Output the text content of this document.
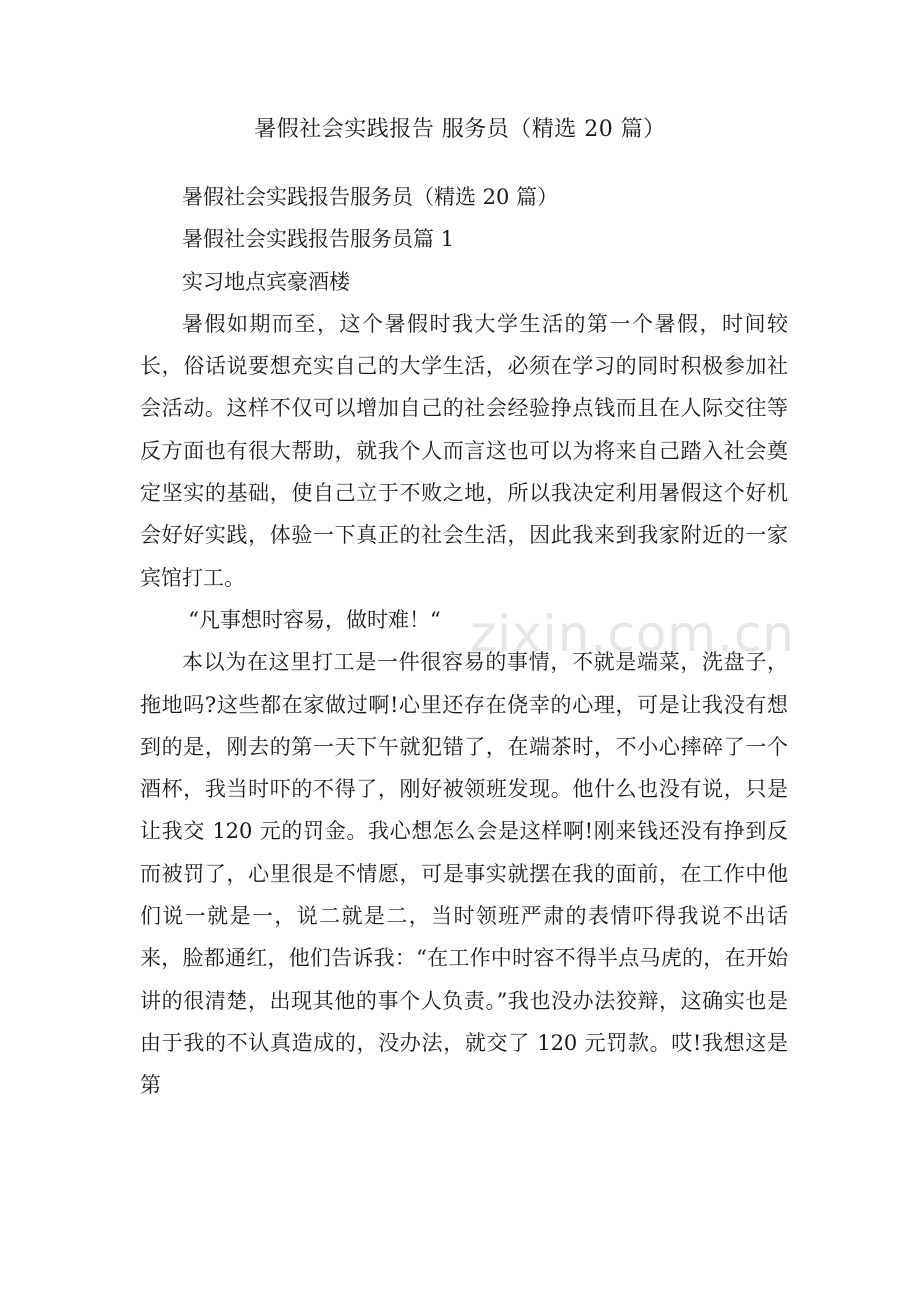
暑假社会实践报告 服务员（精选 20 篇）

暑假社会实践报告服务员（精选 20 篇）

暑假社会实践报告服务员篇 1

实习地点宾豪酒楼

暑假如期而至，这个暑假时我大学生活的第一个暑假，时间较长，俗话说要想充实自己的大学生活，必须在学习的同时积极参加社会活动。这样不仅可以增加自己的社会经验挣点钱而且在人际交往等反方面也有很大帮助，就我个人而言这也可以为将来自己踏入社会奠定坚实的基础，使自己立于不败之地，所以我决定利用暑假这个好机会好好实践，体验一下真正的社会生活，因此我来到我家附近的一家宾馆打工。

“凡事想时容易，做时难！“

本以为在这里打工是一件很容易的事情，不就是端菜，洗盘子，拖地吗?这些都在家做过啊!心里还存在侥幸的心理，可是让我没有想到的是，刚去的第一天下午就犯错了，在端茶时，不小心摔碎了一个酒杯，我当时吓的不得了，刚好被领班发现。他什么也没有说，只是让我交 120 元的罚金。我心想怎么会是这样啊!刚来钱还没有挣到反而被罚了，心里很是不情愿，可是事实就摆在我的面前，在工作中他们说一就是一，说二就是二，当时领班严肃的表情吓得我说不出话来，脸都通红，他们告诉我：“在工作中时容不得半点马虎的，在开始讲的很清楚，出现其他的事个人负责。”我也没办法狡辩，这确实也是由于我的不认真造成的，没办法，就交了 120 元罚款。哎!我想这是第

zixin.com.cn
